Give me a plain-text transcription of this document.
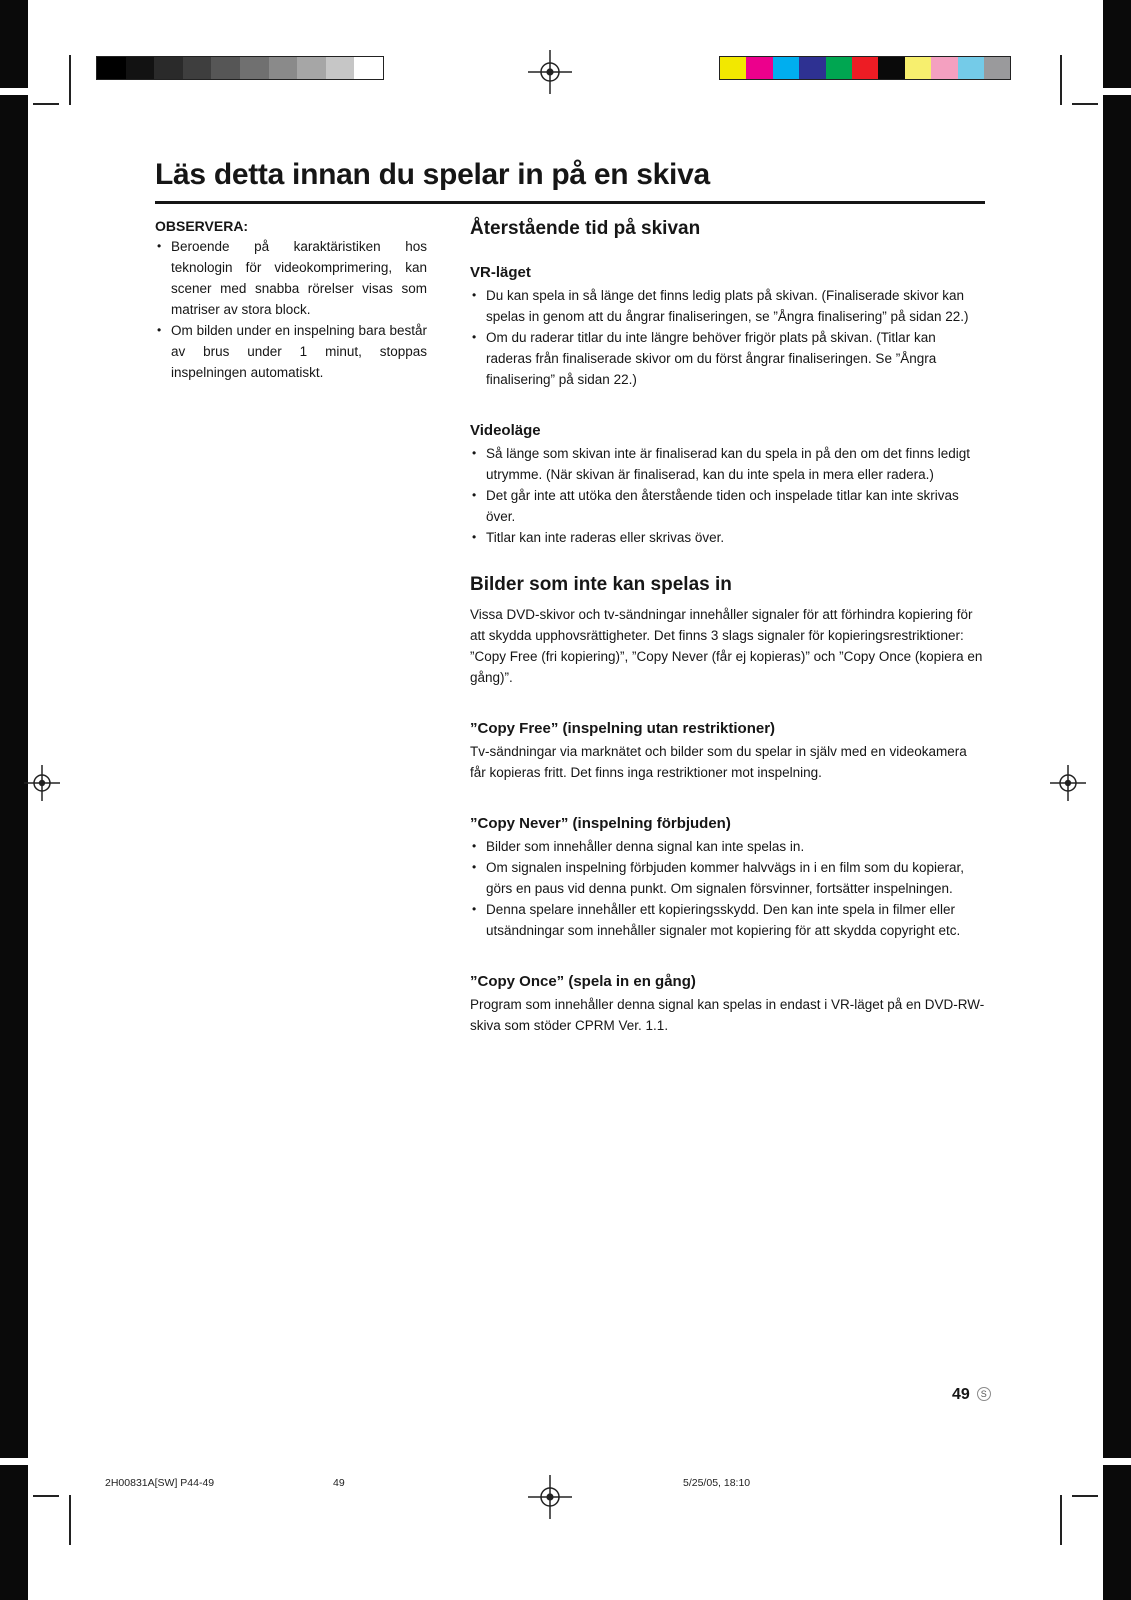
Läs detta innan du spelar in på en skiva

OBSERVERA:

• Beroende på karaktäristiken hos teknologin för videokomprimering, kan scener med snabba rörelser visas som matriser av stora block.
• Om bilden under en inspelning bara består av brus under 1 minut, stoppas inspelningen automatiskt.
Återstående tid på skivan
VR-läget
• Du kan spela in så länge det finns ledig plats på skivan. (Finaliserade skivor kan spelas in genom att du ångrar finaliseringen, se ”Ångra finalisering” på sidan 22.)
• Om du raderar titlar du inte längre behöver frigör plats på skivan. (Titlar kan raderas från finaliserade skivor om du först ångrar finaliseringen. Se ”Ångra finalisering” på sidan 22.)
Videoläge
• Så länge som skivan inte är finaliserad kan du spela in på den om det finns ledigt utrymme. (När skivan är finaliserad, kan du inte spela in mera eller radera.)
• Det går inte att utöka den återstående tiden och inspelade titlar kan inte skrivas över.
• Titlar kan inte raderas eller skrivas över.
Bilder som inte kan spelas in

Vissa DVD-skivor och tv-sändningar innehåller signaler för att förhindra kopiering för att skydda upphovsrättigheter. Det finns 3 slags signaler för kopieringsrestriktioner: ”Copy Free (fri kopiering)”, ”Copy Never (får ej kopieras)” och ”Copy Once (kopiera en gång)”.

”Copy Free” (inspelning utan restriktioner)

Tv-sändningar via marknätet och bilder som du spelar in själv med en videokamera får kopieras fritt. Det finns inga restriktioner mot inspelning.

”Copy Never” (inspelning förbjuden)
• Bilder som innehåller denna signal kan inte spelas in.
• Om signalen inspelning förbjuden kommer halvvägs in i en film som du kopierar, görs en paus vid denna punkt. Om signalen försvinner, fortsätter inspelningen.
• Denna spelare innehåller ett kopieringsskydd. Den kan inte spela in filmer eller utsändningar som innehåller signaler mot kopiering för att skydda copyright etc.
”Copy Once” (spela in en gång)

Program som innehåller denna signal kan spelas in endast i VR-läget på en DVD-RW-skiva som stöder CPRM Ver. 1.1.

49 S
2H00831A[SW] P44-49	49	5/25/05, 18:10
